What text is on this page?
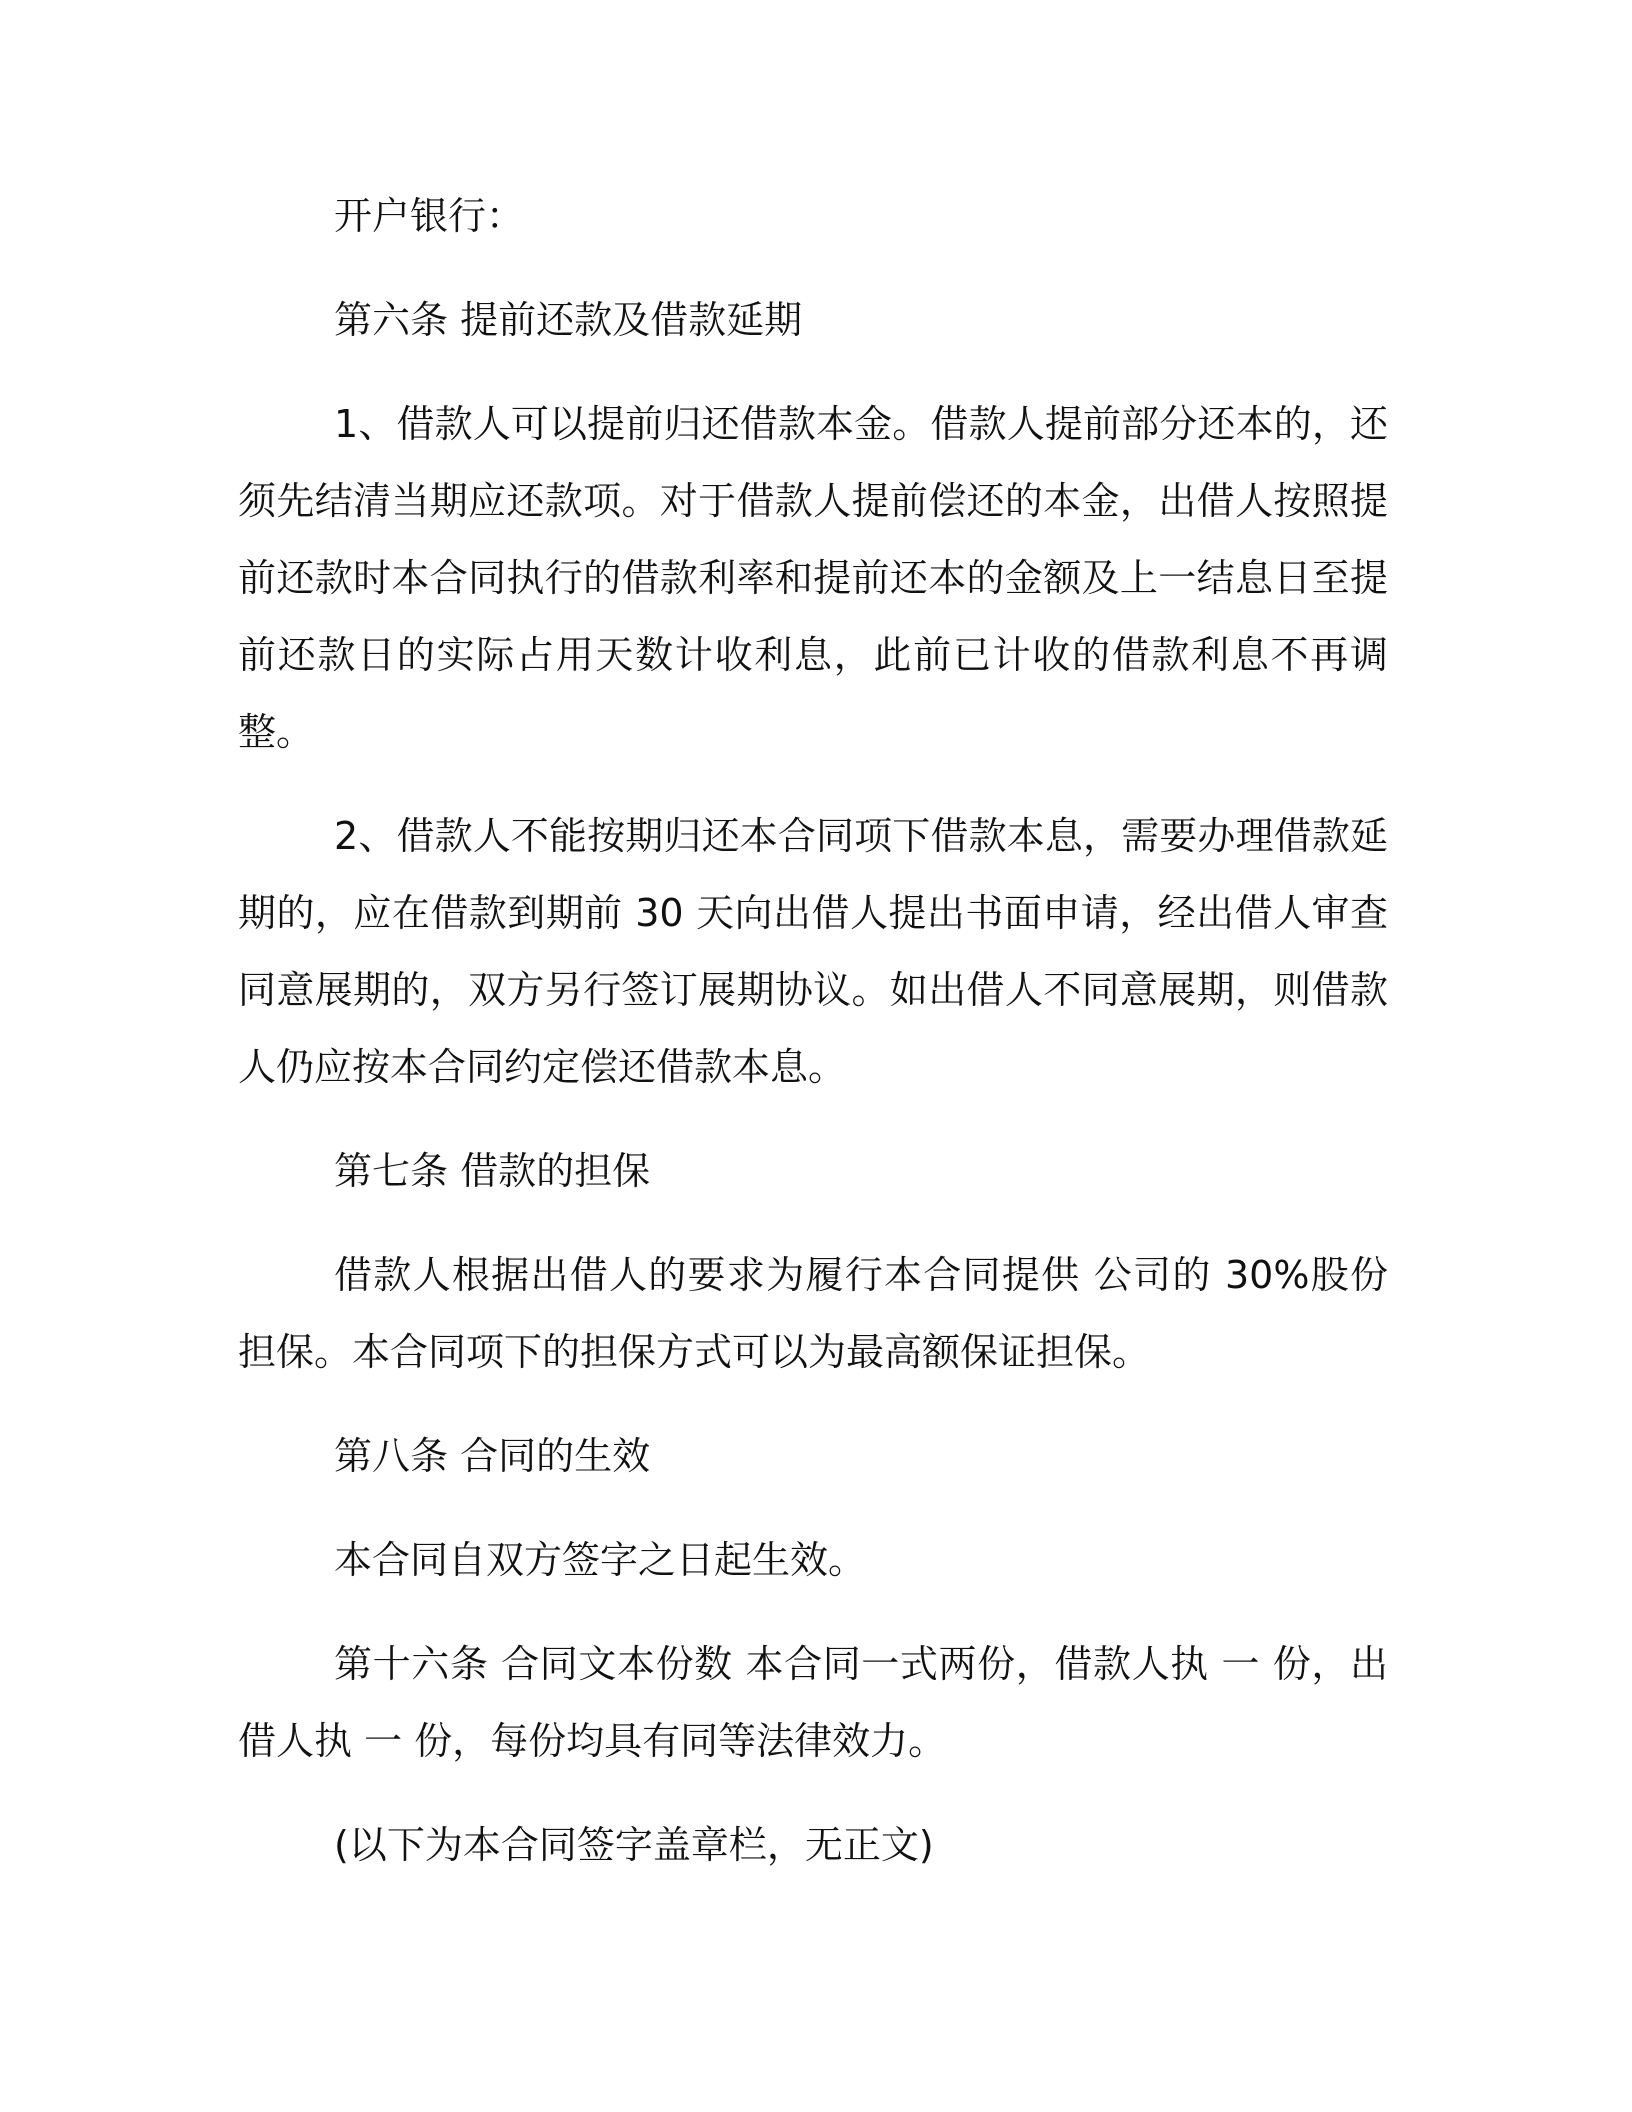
开户银行：

第六条 提前还款及借款延期

1、借款人可以提前归还借款本金。借款人提前部分还本的，还须先结清当期应还款项。对于借款人提前偿还的本金，出借人按照提前还款时本合同执行的借款利率和提前还本的金额及上一结息日至提前还款日的实际占用天数计收利息，此前已计收的借款利息不再调整。

2、借款人不能按期归还本合同项下借款本息，需要办理借款延期的，应在借款到期前 30 天向出借人提出书面申请，经出借人审查同意展期的，双方另行签订展期协议。如出借人不同意展期，则借款人仍应按本合同约定偿还借款本息。

第七条 借款的担保

借款人根据出借人的要求为履行本合同提供 公司的 30%股份担保。本合同项下的担保方式可以为最高额保证担保。

第八条 合同的生效

本合同自双方签字之日起生效。

第十六条 合同文本份数 本合同一式两份，借款人执 一 份，出借人执 一 份，每份均具有同等法律效力。

(以下为本合同签字盖章栏，无正文)
